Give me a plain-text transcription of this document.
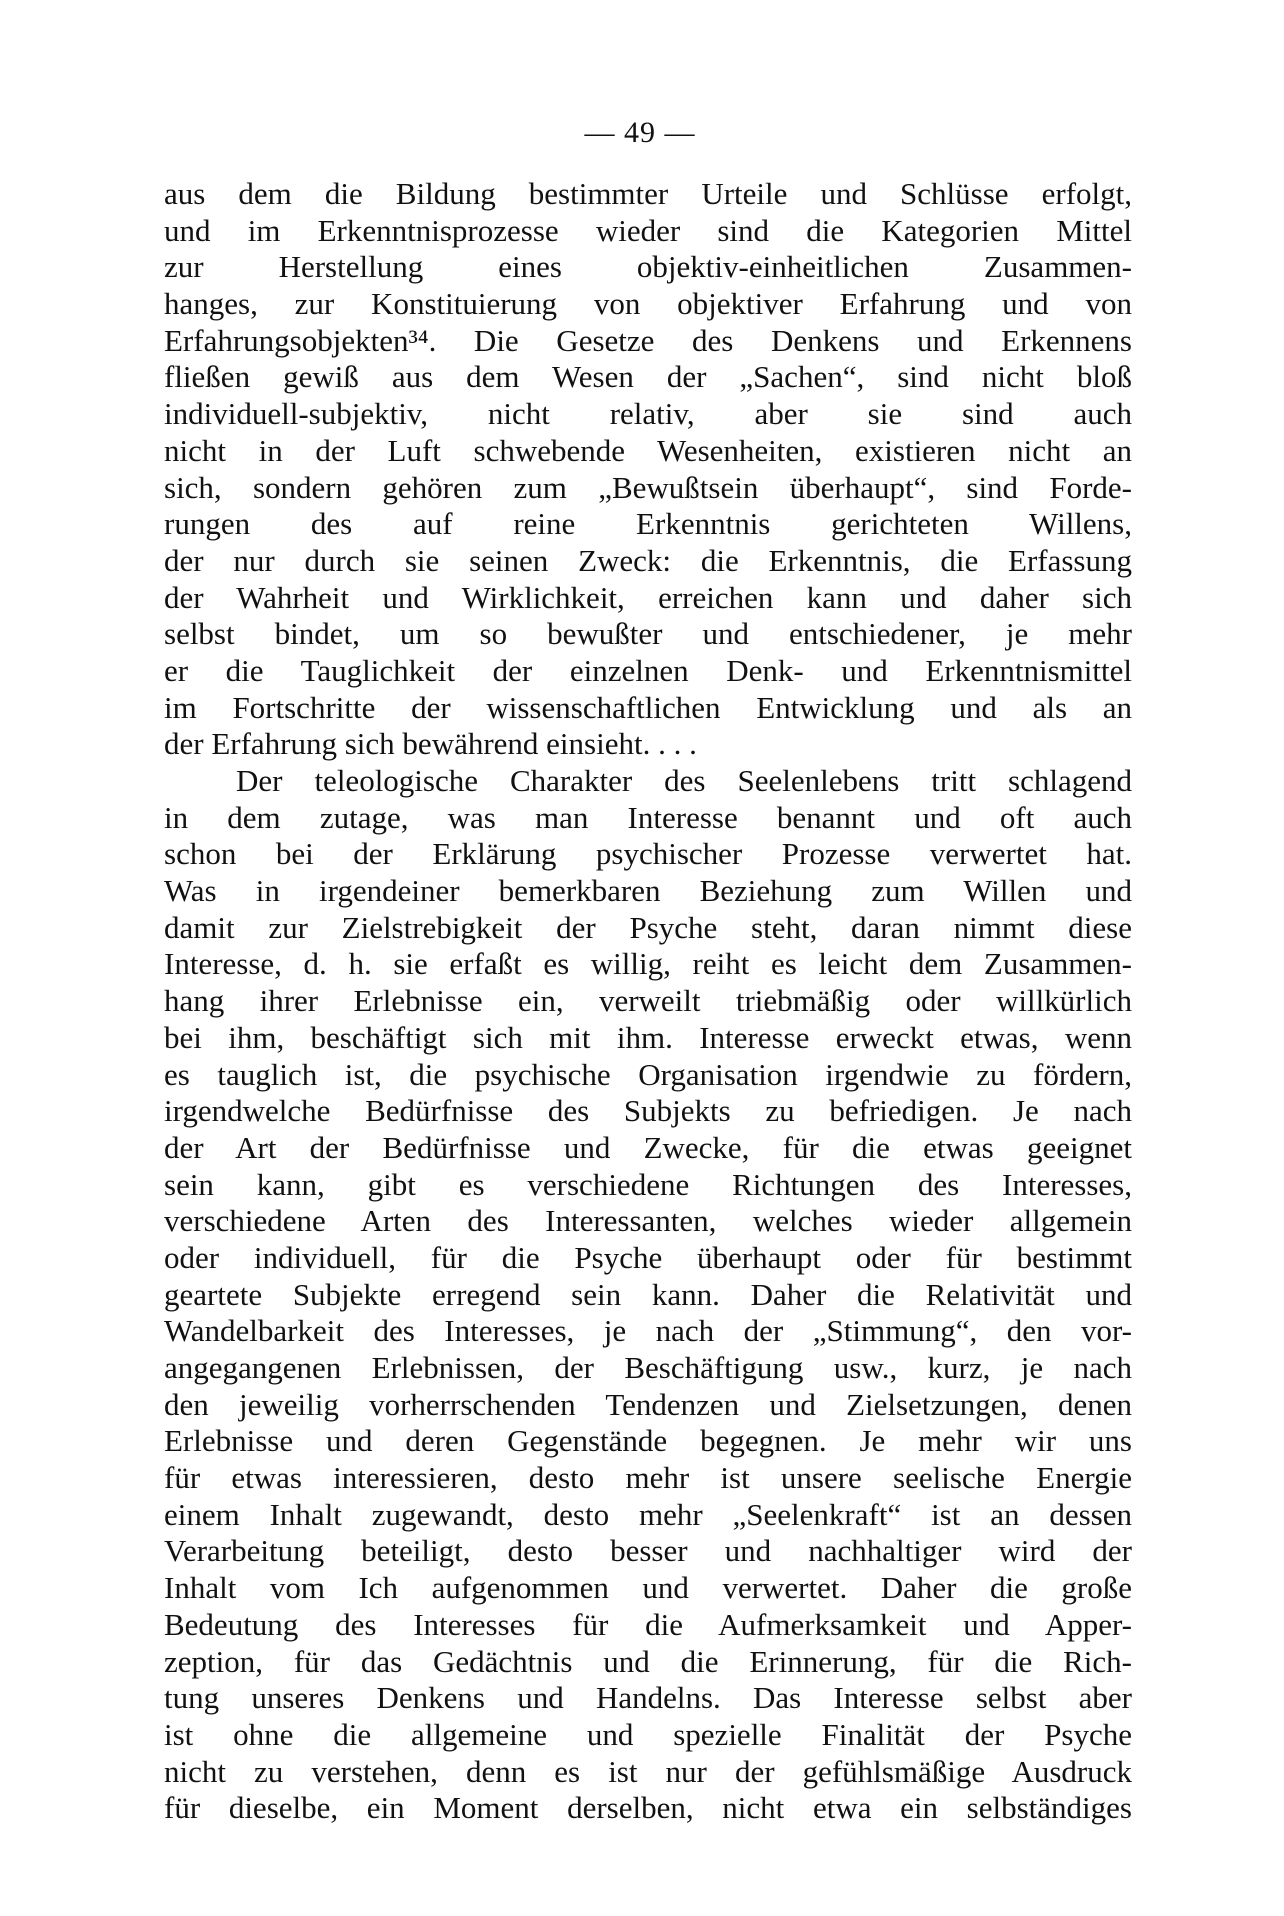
— 49 —
aus dem die Bildung bestimmter Urteile und Schlüsse erfolgt,
und im Erkenntnisprozesse wieder sind die Kategorien Mittel
zur Herstellung eines objektiv-einheitlichen Zusammen-
hanges, zur Konstituierung von objektiver Erfahrung und von
Erfahrungsobjekten³⁴. Die Gesetze des Denkens und Erkennens
fließen gewiß aus dem Wesen der „Sachen“, sind nicht bloß
individuell-subjektiv, nicht relativ, aber sie sind auch
nicht in der Luft schwebende Wesenheiten, existieren nicht an
sich, sondern gehören zum „Bewußtsein überhaupt“, sind Forde-
rungen des auf reine Erkenntnis gerichteten Willens,
der nur durch sie seinen Zweck: die Erkenntnis, die Erfassung
der Wahrheit und Wirklichkeit, erreichen kann und daher sich
selbst bindet, um so bewußter und entschiedener, je mehr
er die Tauglichkeit der einzelnen Denk- und Erkenntnismittel
im Fortschritte der wissenschaftlichen Entwicklung und als an
der Erfahrung sich bewährend einsieht. . . .
Der teleologische Charakter des Seelenlebens tritt schlagend
in dem zutage, was man Interesse benannt und oft auch
schon bei der Erklärung psychischer Prozesse verwertet hat.
Was in irgendeiner bemerkbaren Beziehung zum Willen und
damit zur Zielstrebigkeit der Psyche steht, daran nimmt diese
Interesse, d. h. sie erfaßt es willig, reiht es leicht dem Zusammen-
hang ihrer Erlebnisse ein, verweilt triebmäßig oder willkürlich
bei ihm, beschäftigt sich mit ihm. Interesse erweckt etwas, wenn
es tauglich ist, die psychische Organisation irgendwie zu fördern,
irgendwelche Bedürfnisse des Subjekts zu befriedigen. Je nach
der Art der Bedürfnisse und Zwecke, für die etwas geeignet
sein kann, gibt es verschiedene Richtungen des Interesses,
verschiedene Arten des Interessanten, welches wieder allgemein
oder individuell, für die Psyche überhaupt oder für bestimmt
geartete Subjekte erregend sein kann. Daher die Relativität und
Wandelbarkeit des Interesses, je nach der „Stimmung“, den vor-
angegangenen Erlebnissen, der Beschäftigung usw., kurz, je nach
den jeweilig vorherrschenden Tendenzen und Zielsetzungen, denen
Erlebnisse und deren Gegenstände begegnen. Je mehr wir uns
für etwas interessieren, desto mehr ist unsere seelische Energie
einem Inhalt zugewandt, desto mehr „Seelenkraft“ ist an dessen
Verarbeitung beteiligt, desto besser und nachhaltiger wird der
Inhalt vom Ich aufgenommen und verwertet. Daher die große
Bedeutung des Interesses für die Aufmerksamkeit und Apper-
zeption, für das Gedächtnis und die Erinnerung, für die Rich-
tung unseres Denkens und Handelns. Das Interesse selbst aber
ist ohne die allgemeine und spezielle Finalität der Psyche
nicht zu verstehen, denn es ist nur der gefühlsmäßige Ausdruck
für dieselbe, ein Moment derselben, nicht etwa ein selbständiges
